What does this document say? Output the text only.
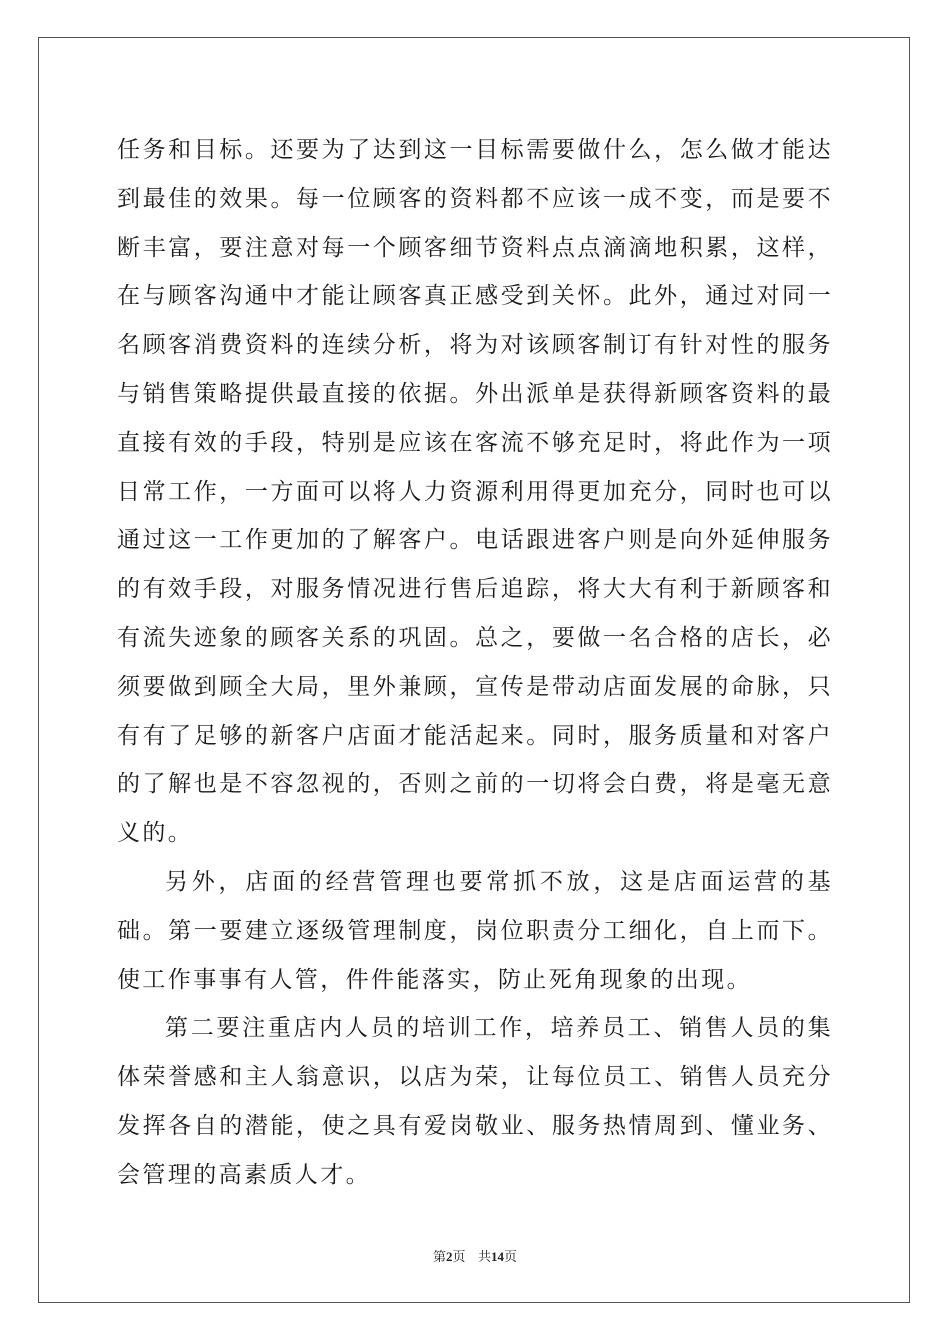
任务和目标。还要为了达到这一目标需要做什么，怎么做才能达到最佳的效果。每一位顾客的资料都不应该一成不变，而是要不断丰富，要注意对每一个顾客细节资料点点滴滴地积累，这样，在与顾客沟通中才能让顾客真正感受到关怀。此外，通过对同一名顾客消费资料的连续分析，将为对该顾客制订有针对性的服务与销售策略提供最直接的依据。外出派单是获得新顾客资料的最直接有效的手段，特别是应该在客流不够充足时，将此作为一项日常工作，一方面可以将人力资源利用得更加充分，同时也可以通过这一工作更加的了解客户。电话跟进客户则是向外延伸服务的有效手段，对服务情况进行售后追踪，将大大有利于新顾客和有流失迹象的顾客关系的巩固。总之，要做一名合格的店长，必须要做到顾全大局，里外兼顾，宣传是带动店面发展的命脉，只有有了足够的新客户店面才能活起来。同时，服务质量和对客户的了解也是不容忽视的，否则之前的一切将会白费，将是毫无意义的。

另外，店面的经营管理也要常抓不放，这是店面运营的基础。第一要建立逐级管理制度，岗位职责分工细化，自上而下。使工作事事有人管，件件能落实，防止死角现象的出现。

第二要注重店内人员的培训工作，培养员工、销售人员的集体荣誉感和主人翁意识，以店为荣，让每位员工、销售人员充分发挥各自的潜能，使之具有爱岗敬业、服务热情周到、懂业务、会管理的高素质人才。

第2页 共14页
